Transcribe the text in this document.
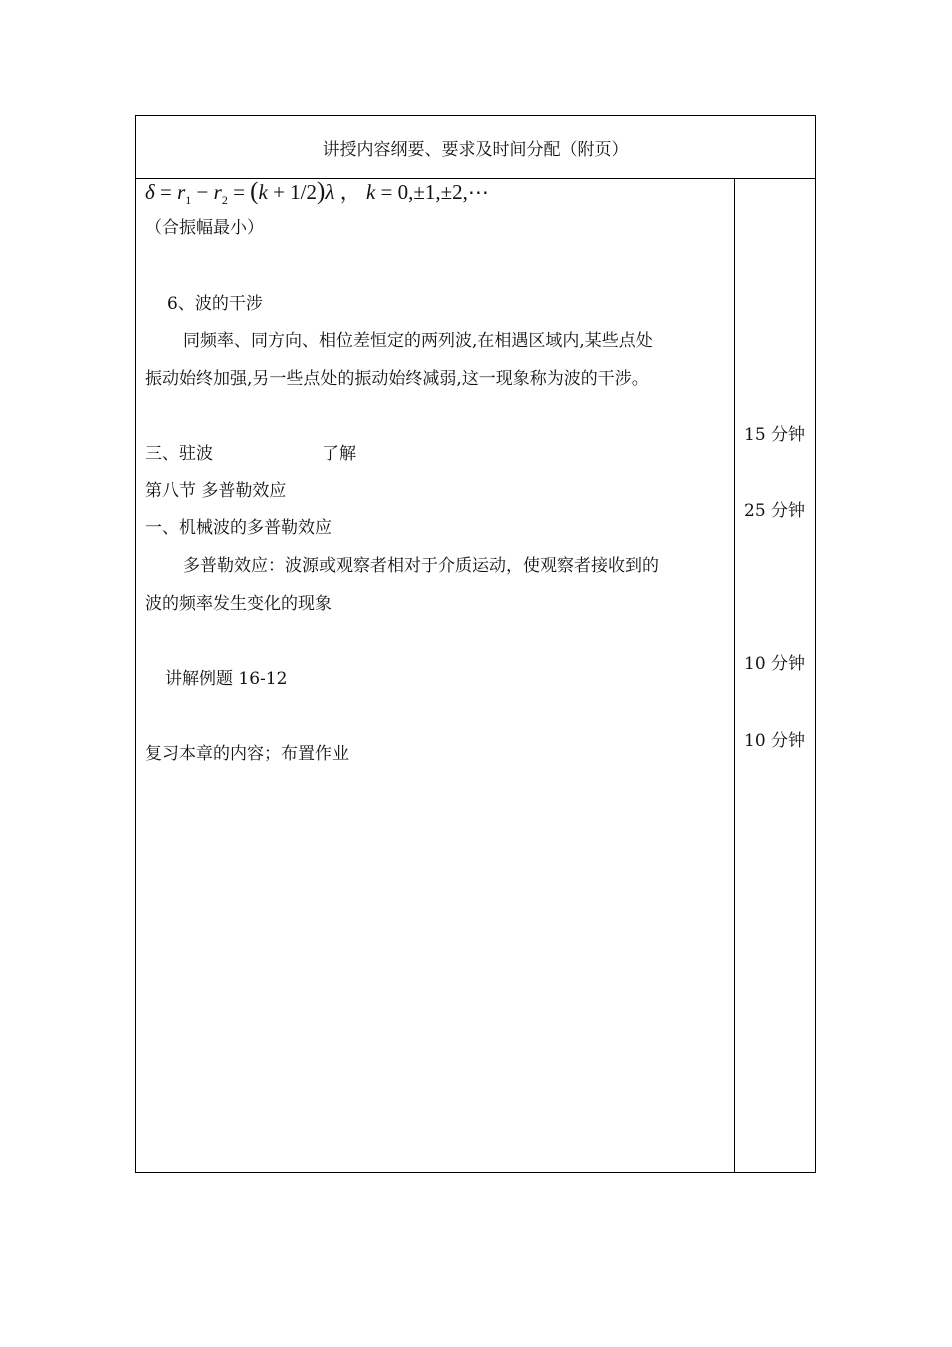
讲授内容纲要、要求及时间分配（附页）
$\delta = r_1 - r_2 = (k + 1/2)\lambda$ ， k = 0,±1,±2,⋯
（合振幅最小）
6、波的干涉
同频率、同方向、相位差恒定的两列波,在相遇区域内,某些点处
振动始终加强,另一些点处的振动始终减弱,这一现象称为波的干涉。
三、驻波	了解
第八节 多普勒效应
一、机械波的多普勒效应
多普勒效应：波源或观察者相对于介质运动，使观察者接收到的
波的频率发生变化的现象
讲解例题 16-12
复习本章的内容；布置作业
15 分钟
25 分钟
10 分钟
10 分钟
